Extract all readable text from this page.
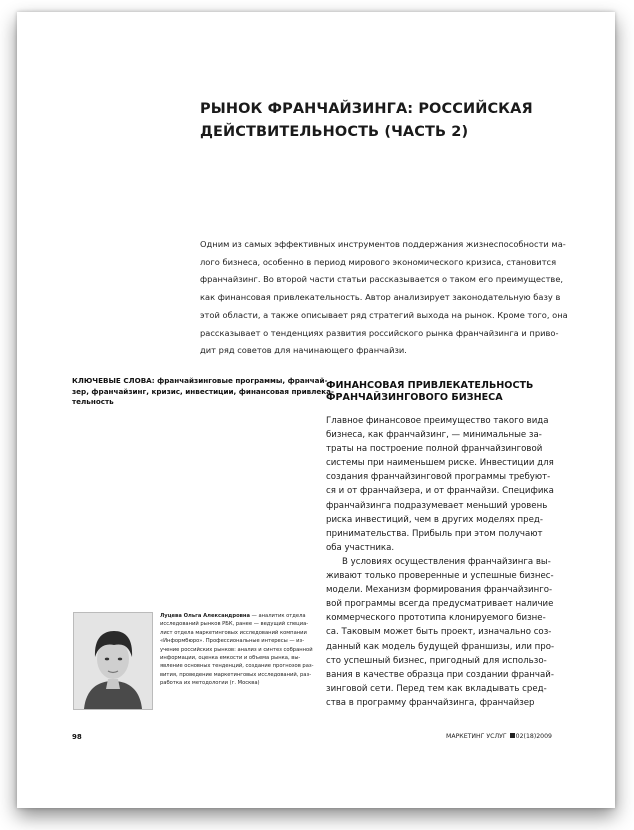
РЫНОК ФРАНЧАЙЗИНГА: РОССИЙСКАЯ
ДЕЙСТВИТЕЛЬНОСТЬ (ЧАСТЬ 2)
Одним из самых эффективных инструментов поддержания жизнеспособности ма-
лого бизнеса, особенно в период мирового экономического кризиса, становится
франчайзинг. Во второй части статьи рассказывается о таком его преимуществе,
как финансовая привлекательность. Автор анализирует законодательную базу в
этой области, а также описывает ряд стратегий выхода на рынок. Кроме того, она
рассказывает о тенденциях развития российского рынка франчайзинга и приво-
дит ряд советов для начинающего франчайзи.
КЛЮЧЕВЫЕ СЛОВА: франчайзинговые программы, франчай-
зер, франчайзинг, кризис, инвестиции, финансовая привлека-
тельность
ФИНАНСОВАЯ ПРИВЛЕКАТЕЛЬНОСТЬ
ФРАНЧАЙЗИНГОВОГО БИЗНЕСА
Главное финансовое преимущество такого вида
бизнеса, как франчайзинг, — минимальные за-
траты на построение полной франчайзинговой
системы при наименьшем риске. Инвестиции для
создания франчайзинговой программы требуют-
ся и от франчайзера, и от франчайзи. Специфика
франчайзинга подразумевает меньший уровень
риска инвестиций, чем в других моделях пред-
принимательства. Прибыль при этом получают
оба участника.
В условиях осуществления франчайзинга вы-
живают только проверенные и успешные бизнес-
модели. Механизм формирования франчайзинго-
вой программы всегда предусматривает наличие
коммерческого прототипа клонируемого бизне-
са. Таковым может быть проект, изначально соз-
данный как модель будущей франшизы, или про-
сто успешный бизнес, пригодный для использо-
вания в качестве образца при создании франчай-
зинговой сети. Перед тем как вкладывать сред-
ства в программу франчайзинга, франчайзер
Луцева Ольга Александровна — аналитик отдела
исследований рынков РБК, ранее — ведущий специа-
лист отдела маркетинговых исследований компании
«Информбюро». Профессиональные интересы — из-
учение российских рынков: анализ и синтез собранной
информации, оценка емкости и объема рынка, вы-
явление основных тенденций, создание прогнозов раз-
вития, проведение маркетинговых исследований, раз-
работка их методологии (г. Москва)
98	МАРКЕТИНГ УСЛУГ 02(18)2009
